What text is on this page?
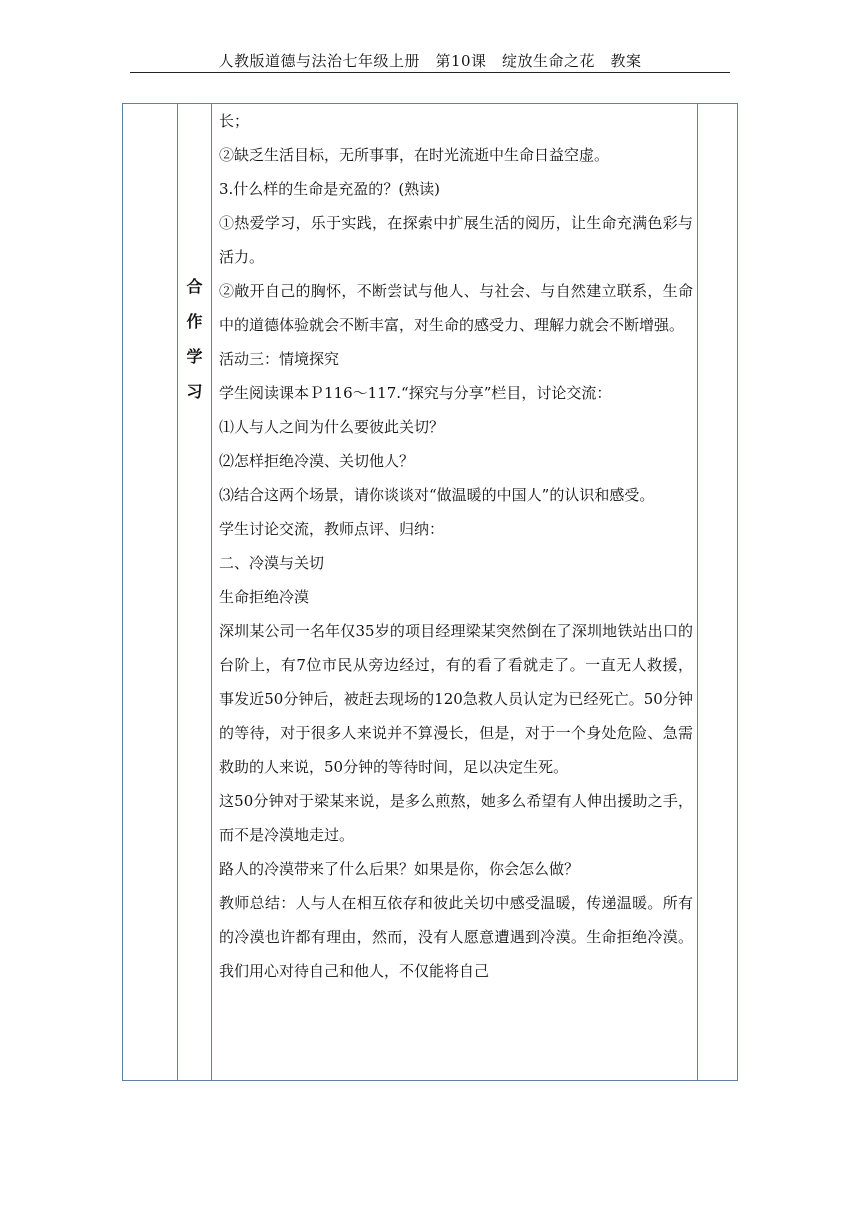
人教版道德与法治七年级上册　第10课　绽放生命之花　教案
合
作
学
习

长；

②缺乏生活目标，无所事事，在时光流逝中生命日益空虚。

3.什么样的生命是充盈的？(熟读)

①热爱学习，乐于实践，在探索中扩展生活的阅历，让生命充满色彩与活力。

②敞开自己的胸怀，不断尝试与他人、与社会、与自然建立联系，生命中的道德体验就会不断丰富，对生命的感受力、理解力就会不断增强。

活动三：情境探究

学生阅读课本Ｐ116～117.“探究与分享”栏目，讨论交流：

⑴人与人之间为什么要彼此关切？

⑵怎样拒绝冷漠、关切他人？

⑶结合这两个场景，请你谈谈对“做温暖的中国人”的认识和感受。

学生讨论交流，教师点评、归纳：

二、冷漠与关切

生命拒绝冷漠

深圳某公司一名年仅35岁的项目经理梁某突然倒在了深圳地铁站出口的台阶上，有7位市民从旁边经过，有的看了看就走了。一直无人救援，事发近50分钟后，被赶去现场的120急救人员认定为已经死亡。50分钟的等待，对于很多人来说并不算漫长，但是，对于一个身处危险、急需救助的人来说，50分钟的等待时间，足以决定生死。

这50分钟对于梁某来说，是多么煎熬，她多么希望有人伸出援助之手，而不是冷漠地走过。

路人的冷漠带来了什么后果？如果是你，你会怎么做？

教师总结：人与人在相互依存和彼此关切中感受温暖，传递温暖。所有的冷漠也许都有理由，然而，没有人愿意遭遇到冷漠。生命拒绝冷漠。我们用心对待自己和他人，不仅能将自己
